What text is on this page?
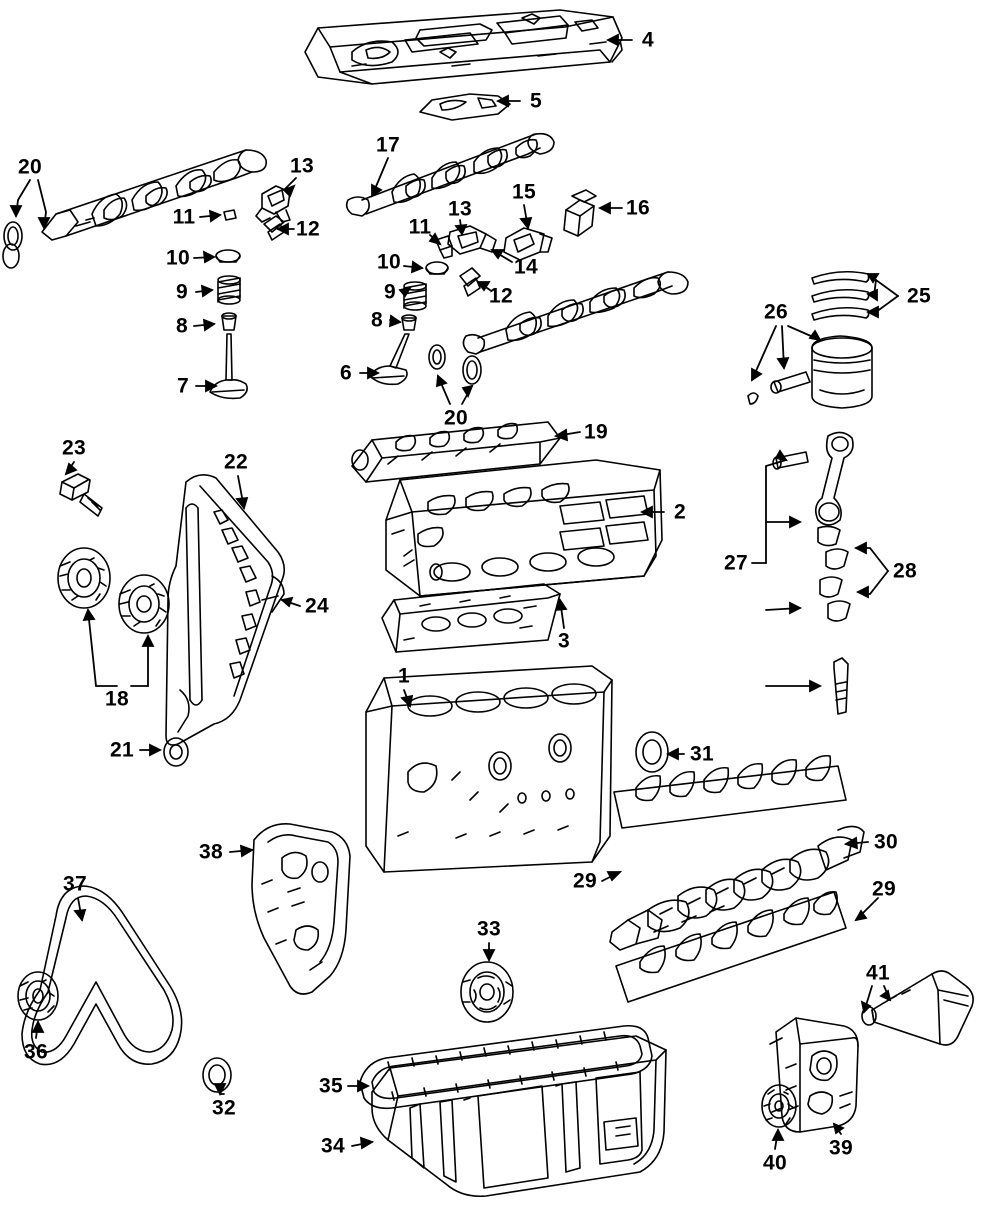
4
5
20	13
17
15
16
11
12	11
13
10	14
10
25
9	12
9
26
8	8
6
7
20
19
23
22
2
27	28
24
3
18
1
21	31
38	30
29
37	29
33
41
36
32
35
39
34
40
